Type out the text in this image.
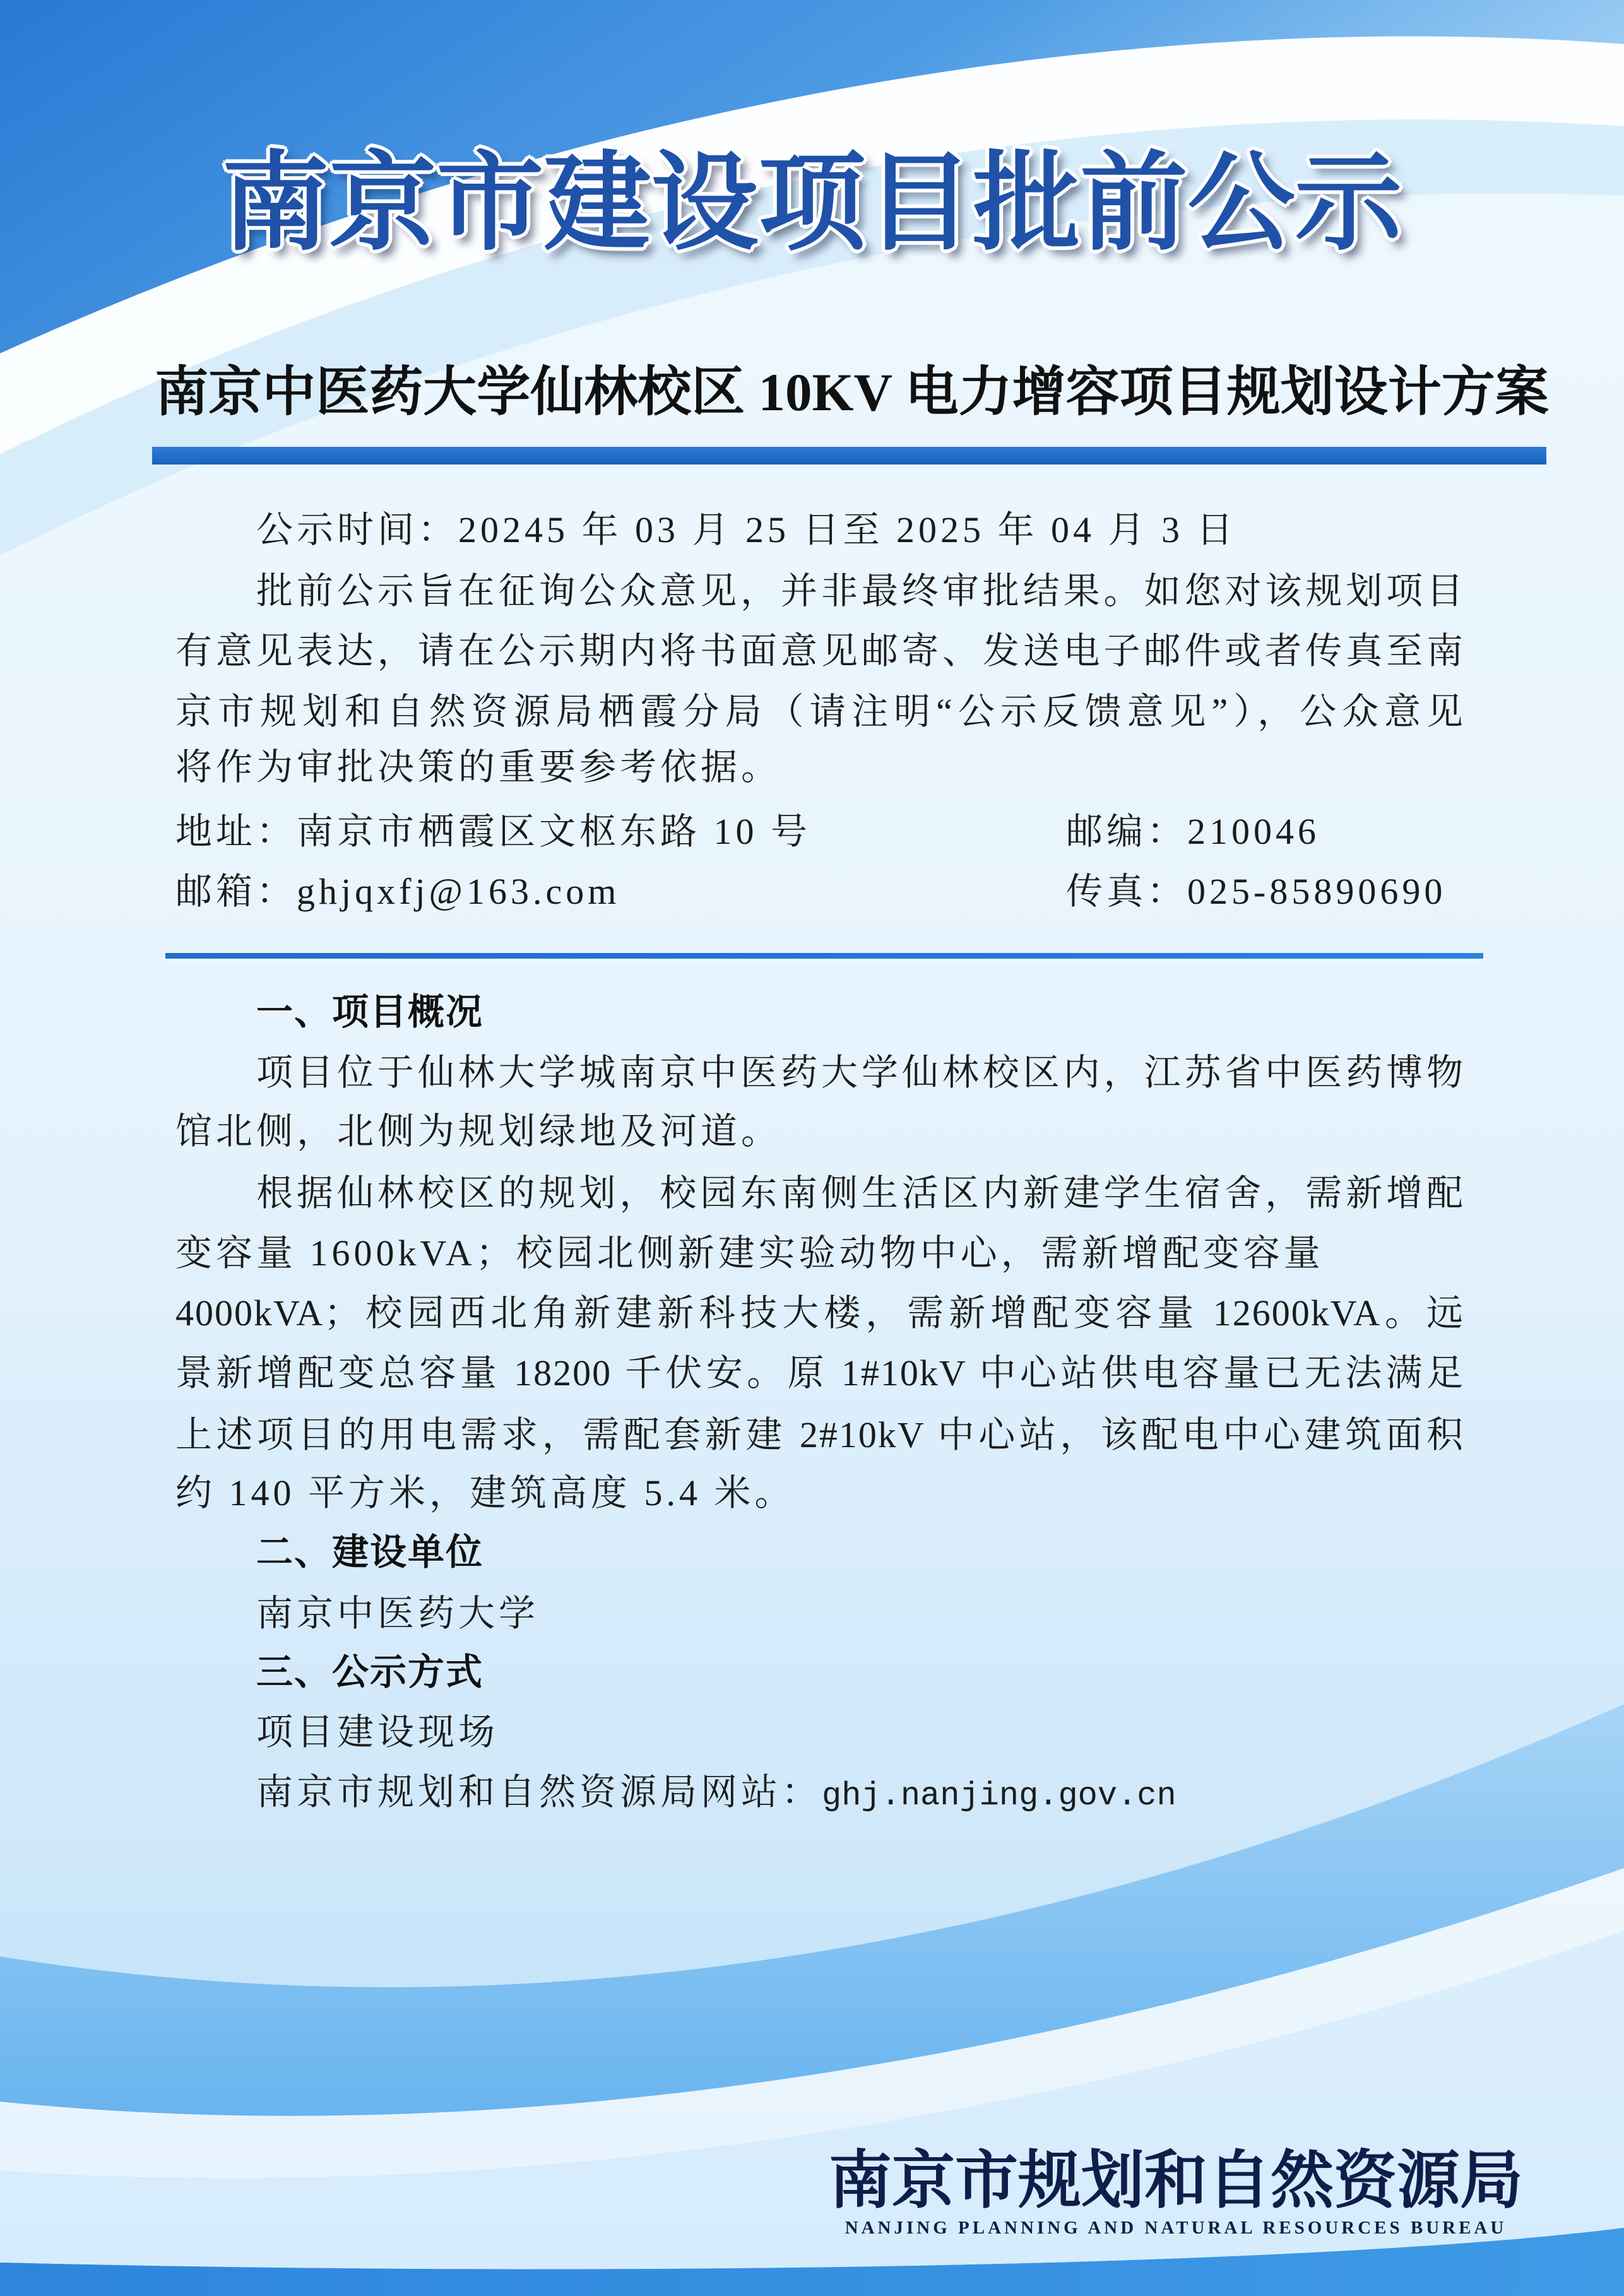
南京市建设项目批前公示
南京中医药大学仙林校区 10KV 电力增容项目规划设计方案
公示时间：20245 年 03 月 25 日至 2025 年 04 月 3 日
批前公示旨在征询公众意见，并非最终审批结果。如您对该规划项目
有意见表达，请在公示期内将书面意见邮寄、发送电子邮件或者传真至南
京市规划和自然资源局栖霞分局（请注明“公示反馈意见”），公众意见
将作为审批决策的重要参考依据。
地址：南京市栖霞区文枢东路 10 号	邮编：210046
邮箱：ghjqxfj@163.com	传真：025-85890690
一、项目概况
项目位于仙林大学城南京中医药大学仙林校区内，江苏省中医药博物
馆北侧，北侧为规划绿地及河道。
根据仙林校区的规划，校园东南侧生活区内新建学生宿舍，需新增配
变容量 1600kVA；校园北侧新建实验动物中心，需新增配变容量
4000kVA；校园西北角新建新科技大楼，需新增配变容量 12600kVA。远
景新增配变总容量 18200 千伏安。原 1#10kV 中心站供电容量已无法满足
上述项目的用电需求，需配套新建 2#10kV 中心站，该配电中心建筑面积
约 140 平方米，建筑高度 5.4 米。
二、建设单位
南京中医药大学
三、公示方式
项目建设现场
南京市规划和自然资源局网站：ghj.nanjing.gov.cn
南京市规划和自然资源局
NANJING PLANNING AND NATURAL RESOURCES BUREAU
